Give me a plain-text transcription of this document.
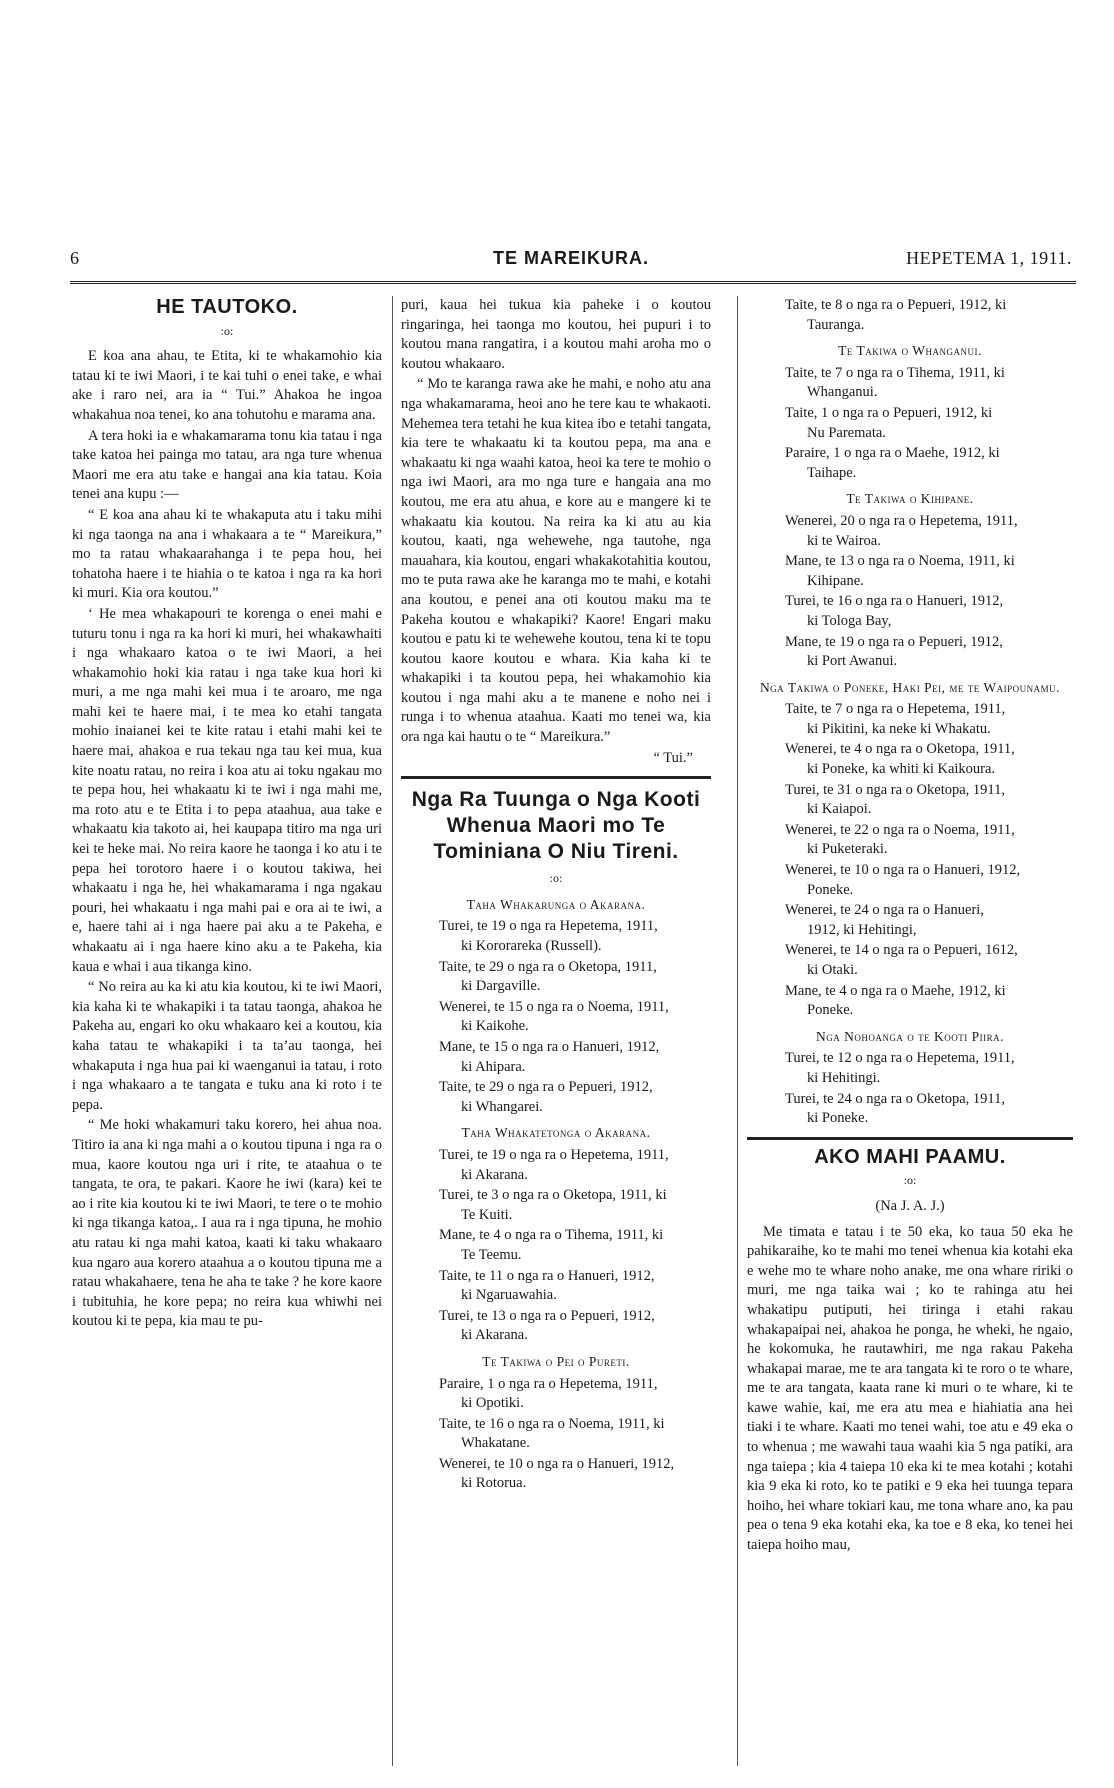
6	TE MAREIKURA.	HEPETEMA 1, 1911.
HE TAUTOKO.
:o:

E koa ana ahau, te Etita, ki te whakamohio kia tatau ki te iwi Maori, i te kai tuhi o enei take, e whai ake i raro nei, ara ia “ Tui.” Ahakoa he ingoa whakahua noa tenei, ko ana tohutohu e marama ana.

A tera hoki ia e whakamarama tonu kia tatau i nga take katoa hei painga mo tatau, ara nga ture whenua Maori me era atu take e hangai ana kia tatau. Koia tenei ana kupu :—

“ E koa ana ahau ki te whakaputa atu i taku mihi ki nga taonga na ana i whakaara a te “ Mareikura,” mo ta ratau whakaarahanga i te pepa hou, hei tohatoha haere i te hiahia o te katoa i nga ra ka hori ki muri. Kia ora koutou.”

‘ He mea whakapouri te korenga o enei mahi e tuturu tonu i nga ra ka hori ki muri, hei whakawhaiti i nga whakaaro katoa o te iwi Maori, a hei whakamohio hoki kia ratau i nga take kua hori ki muri, a me nga mahi kei mua i te aroaro, me nga mahi kei te haere mai, i te mea ko etahi tangata mohio inaianei kei te kite ratau i etahi mahi kei te haere mai, ahakoa e rua tekau nga tau kei mua, kua kite noatu ratau, no reira i koa atu ai toku ngakau mo te pepa hou, hei whakaatu ki te iwi i nga mahi me, ma roto atu e te Etita i to pepa ataahua, aua take e whakaatu kia takoto ai, hei kaupapa titiro ma nga uri kei te heke mai. No reira kaore he taonga i ko atu i te pepa hei torotoro haere i o koutou takiwa, hei whakaatu i nga he, hei whakamarama i nga ngakau pouri, hei whakaatu i nga mahi pai e ora ai te iwi, a e, haere tahi ai i nga haere pai aku a te Pakeha, e whakaatu ai i nga haere kino aku a te Pakeha, kia kaua e whai i aua tikanga kino.

“ No reira au ka ki atu kia koutou, ki te iwi Maori, kia kaha ki te whakapiki i ta tatau taonga, ahakoa he Pakeha au, engari ko oku whakaaro kei a koutou, kia kaha tatau te whakapiki i ta ta’au taonga, hei whakaputa i nga hua pai ki waenganui ia tatau, i roto i nga whakaaro a te tangata e tuku ana ki roto i te pepa.

“ Me hoki whakamuri taku korero, hei ahua noa. Titiro ia ana ki nga mahi a o koutou tipuna i nga ra o mua, kaore koutou nga uri i rite, te ataahua o te tangata, te ora, te pakari. Kaore he iwi (kara) kei te ao i rite kia koutou ki te iwi Maori, te tere o te mohio ki nga tikanga katoa,. I aua ra i nga tipuna, he mohio atu ratau ki nga mahi katoa, kaati ki taku whakaaro kua ngaro aua korero ataahua a o koutou tipuna me a ratau whakahaere, tena he aha te take ? he kore kaore i tubituhia, he kore pepa; no reira kua whiwhi nei koutou ki te pepa, kia mau te pu-

puri, kaua hei tukua kia paheke i o koutou ringaringa, hei taonga mo koutou, hei pupuri i to koutou mana rangatira, i a koutou mahi aroha mo o koutou whakaaro.

“ Mo te karanga rawa ake he mahi, e noho atu ana nga whakamarama, heoi ano he tere kau te whakaoti. Mehemea tera tetahi he kua kitea ibo e tetahi tangata, kia tere te whakaatu ki ta koutou pepa, ma ana e whakaatu ki nga waahi katoa, heoi ka tere te mohio o nga iwi Maori, ara mo nga ture e hangaia ana mo koutou, me era atu ahua, e kore au e mangere ki te whakaatu kia koutou. Na reira ka ki atu au kia koutou, kaati, nga wehewehe, nga tautohe, nga mauahara, kia koutou, engari whakakotahitia koutou, mo te puta rawa ake he karanga mo te mahi, e kotahi ana koutou, e penei ana oti koutou maku ma te Pakeha koutou e whakapiki? Kaore! Engari maku koutou e patu ki te wehewehe koutou, tena ki te topu koutou kaore koutou e whara. Kia kaha ki te whakapiki i ta koutou pepa, hei whakamohio kia koutou i nga mahi aku a te manene e noho nei i runga i to whenua ataahua. Kaati mo tenei wa, kia ora nga kai hautu o te “ Mareikura.”

“ Tui.”

Nga Ra Tuunga o Nga Kooti Whenua Maori mo Te Tominiana O Niu Tireni.
:o:
Taha Whakarunga o Akarana.

Turei, te 19 o nga ra Hepetema, 1911,
ki Kororareka (Russell).

Taite, te 29 o nga ra o Oketopa, 1911,
ki Dargaville.

Wenerei, te 15 o nga ra o Noema, 1911,
ki Kaikohe.

Mane, te 15 o nga ra o Hanueri, 1912,
ki Ahipara.

Taite, te 29 o nga ra o Pepueri, 1912,
ki Whangarei.

Taha Whakatetonga o Akarana.

Turei, te 19 o nga ra o Hepetema, 1911,
ki Akarana.

Turei, te 3 o nga ra o Oketopa, 1911, ki
Te Kuiti.

Mane, te 4 o nga ra o Tihema, 1911, ki
Te Teemu.

Taite, te 11 o nga ra o Hanueri, 1912,
ki Ngaruawahia.

Turei, te 13 o nga ra o Pepueri, 1912,
ki Akarana.

Te Takiwa o Pei o Pureti.

Paraire, 1 o nga ra o Hepetema, 1911,
ki Opotiki.

Taite, te 16 o nga ra o Noema, 1911, ki
Whakatane.

Wenerei, te 10 o nga ra o Hanueri, 1912,
ki Rotorua.

Taite, te 8 o nga ra o Pepueri, 1912, ki
Tauranga.

Te Takiwa o Whanganui.

Taite, te 7 o nga ra o Tihema, 1911, ki
Whanganui.

Taite, 1 o nga ra o Pepueri, 1912, ki
Nu Paremata.

Paraire, 1 o nga ra o Maehe, 1912, ki
Taihape.

Te Takiwa o Kihipane.

Wenerei, 20 o nga ra o Hepetema, 1911,
ki te Wairoa.

Mane, te 13 o nga ra o Noema, 1911, ki
Kihipane.

Turei, te 16 o nga ra o Hanueri, 1912,
ki Tologa Bay,

Mane, te 19 o nga ra o Pepueri, 1912,
ki Port Awanui.

Nga Takiwa o Poneke, Haki Pei, me te Waipounamu.

Taite, te 7 o nga ra o Hepetema, 1911,
ki Pikitini, ka neke ki Whakatu.

Wenerei, te 4 o nga ra o Oketopa, 1911,
ki Poneke, ka whiti ki Kaikoura.

Turei, te 31 o nga ra o Oketopa, 1911,
ki Kaiapoi.

Wenerei, te 22 o nga ra o Noema, 1911,
ki Puketeraki.

Wenerei, te 10 o nga ra o Hanueri, 1912,
Poneke.

Wenerei, te 24 o nga ra o Hanueri,
1912, ki Hehitingi,

Wenerei, te 14 o nga ra o Pepueri, 1612,
ki Otaki.

Mane, te 4 o nga ra o Maehe, 1912, ki
Poneke.

Nga Nohoanga o te Kooti Piira.

Turei, te 12 o nga ra o Hepetema, 1911,
ki Hehitingi.

Turei, te 24 o nga ra o Oketopa, 1911,
ki Poneke.

AKO MAHI PAAMU.
:o:
(Na J. A. J.)

Me timata e tatau i te 50 eka, ko taua 50 eka he pahikaraihe, ko te mahi mo tenei whenua kia kotahi eka e wehe mo te whare noho anake, me ona whare ririki o muri, me nga taika wai ; ko te rahinga atu hei whakatipu putiputi, hei tiringa i etahi rakau whakapaipai nei, ahakoa he ponga, he wheki, he ngaio, he kokomuka, he rautawhiri, me nga rakau Pakeha whakapai marae, me te ara tangata ki te roro o te whare, me te ara tangata, kaata rane ki muri o te whare, ki te kawe wahie, kai, me era atu mea e hiahiatia ana hei tiaki i te whare. Kaati mo tenei wahi, toe atu e 49 eka o to whenua ; me wawahi taua waahi kia 5 nga patiki, ara nga taiepa ; kia 4 taiepa 10 eka ki te mea kotahi ; kotahi kia 9 eka ki roto, ko te patiki e 9 eka hei tuunga tepara hoiho, hei whare tokiari kau, me tona whare ano, ka pau pea o tena 9 eka kotahi eka, ka toe e 8 eka, ko tenei hei taiepa hoiho mau,
